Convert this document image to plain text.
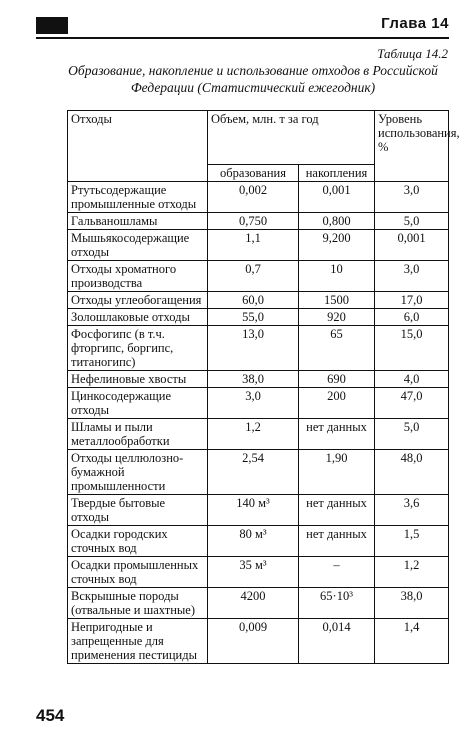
Глава 14
Таблица 14.2
Образование, накопление и использование отходов в Российской Федерации (Статистический ежегодник)
Отходы	Объем, млн. т за год		Уровень использования, %
	образования	накопления	
Ртутьсодержащие промышленные отходы	0,002	0,001	3,0
Гальваношламы	0,750	0,800	5,0
Мышьякосодержащие отходы	1,1	9,200	0,001
Отходы хроматного производства	0,7	10	3,0
Отходы углеобогащения	60,0	1500	17,0
Золошлаковые отходы	55,0	920	6,0
Фосфогипс (в т.ч. фторгипс, боргипс, титаногипс)	13,0	65	15,0
Нефелиновые хвосты	38,0	690	4,0
Цинкосодержащие отходы	3,0	200	47,0
Шламы и пыли металлообработки	1,2	нет данных	5,0
Отходы целлюлозно-бумажной промышленности	2,54	1,90	48,0
Твердые бытовые отходы	140 м³	нет данных	3,6
Осадки городских сточных вод	80 м³	нет данных	1,5
Осадки промышленных сточных вод	35 м³	–	1,2
Вскрышные породы (отвальные и шахтные)	4200	65·10³	38,0
Непригодные и запрещенные для применения пестициды	0,009	0,014	1,4
454
